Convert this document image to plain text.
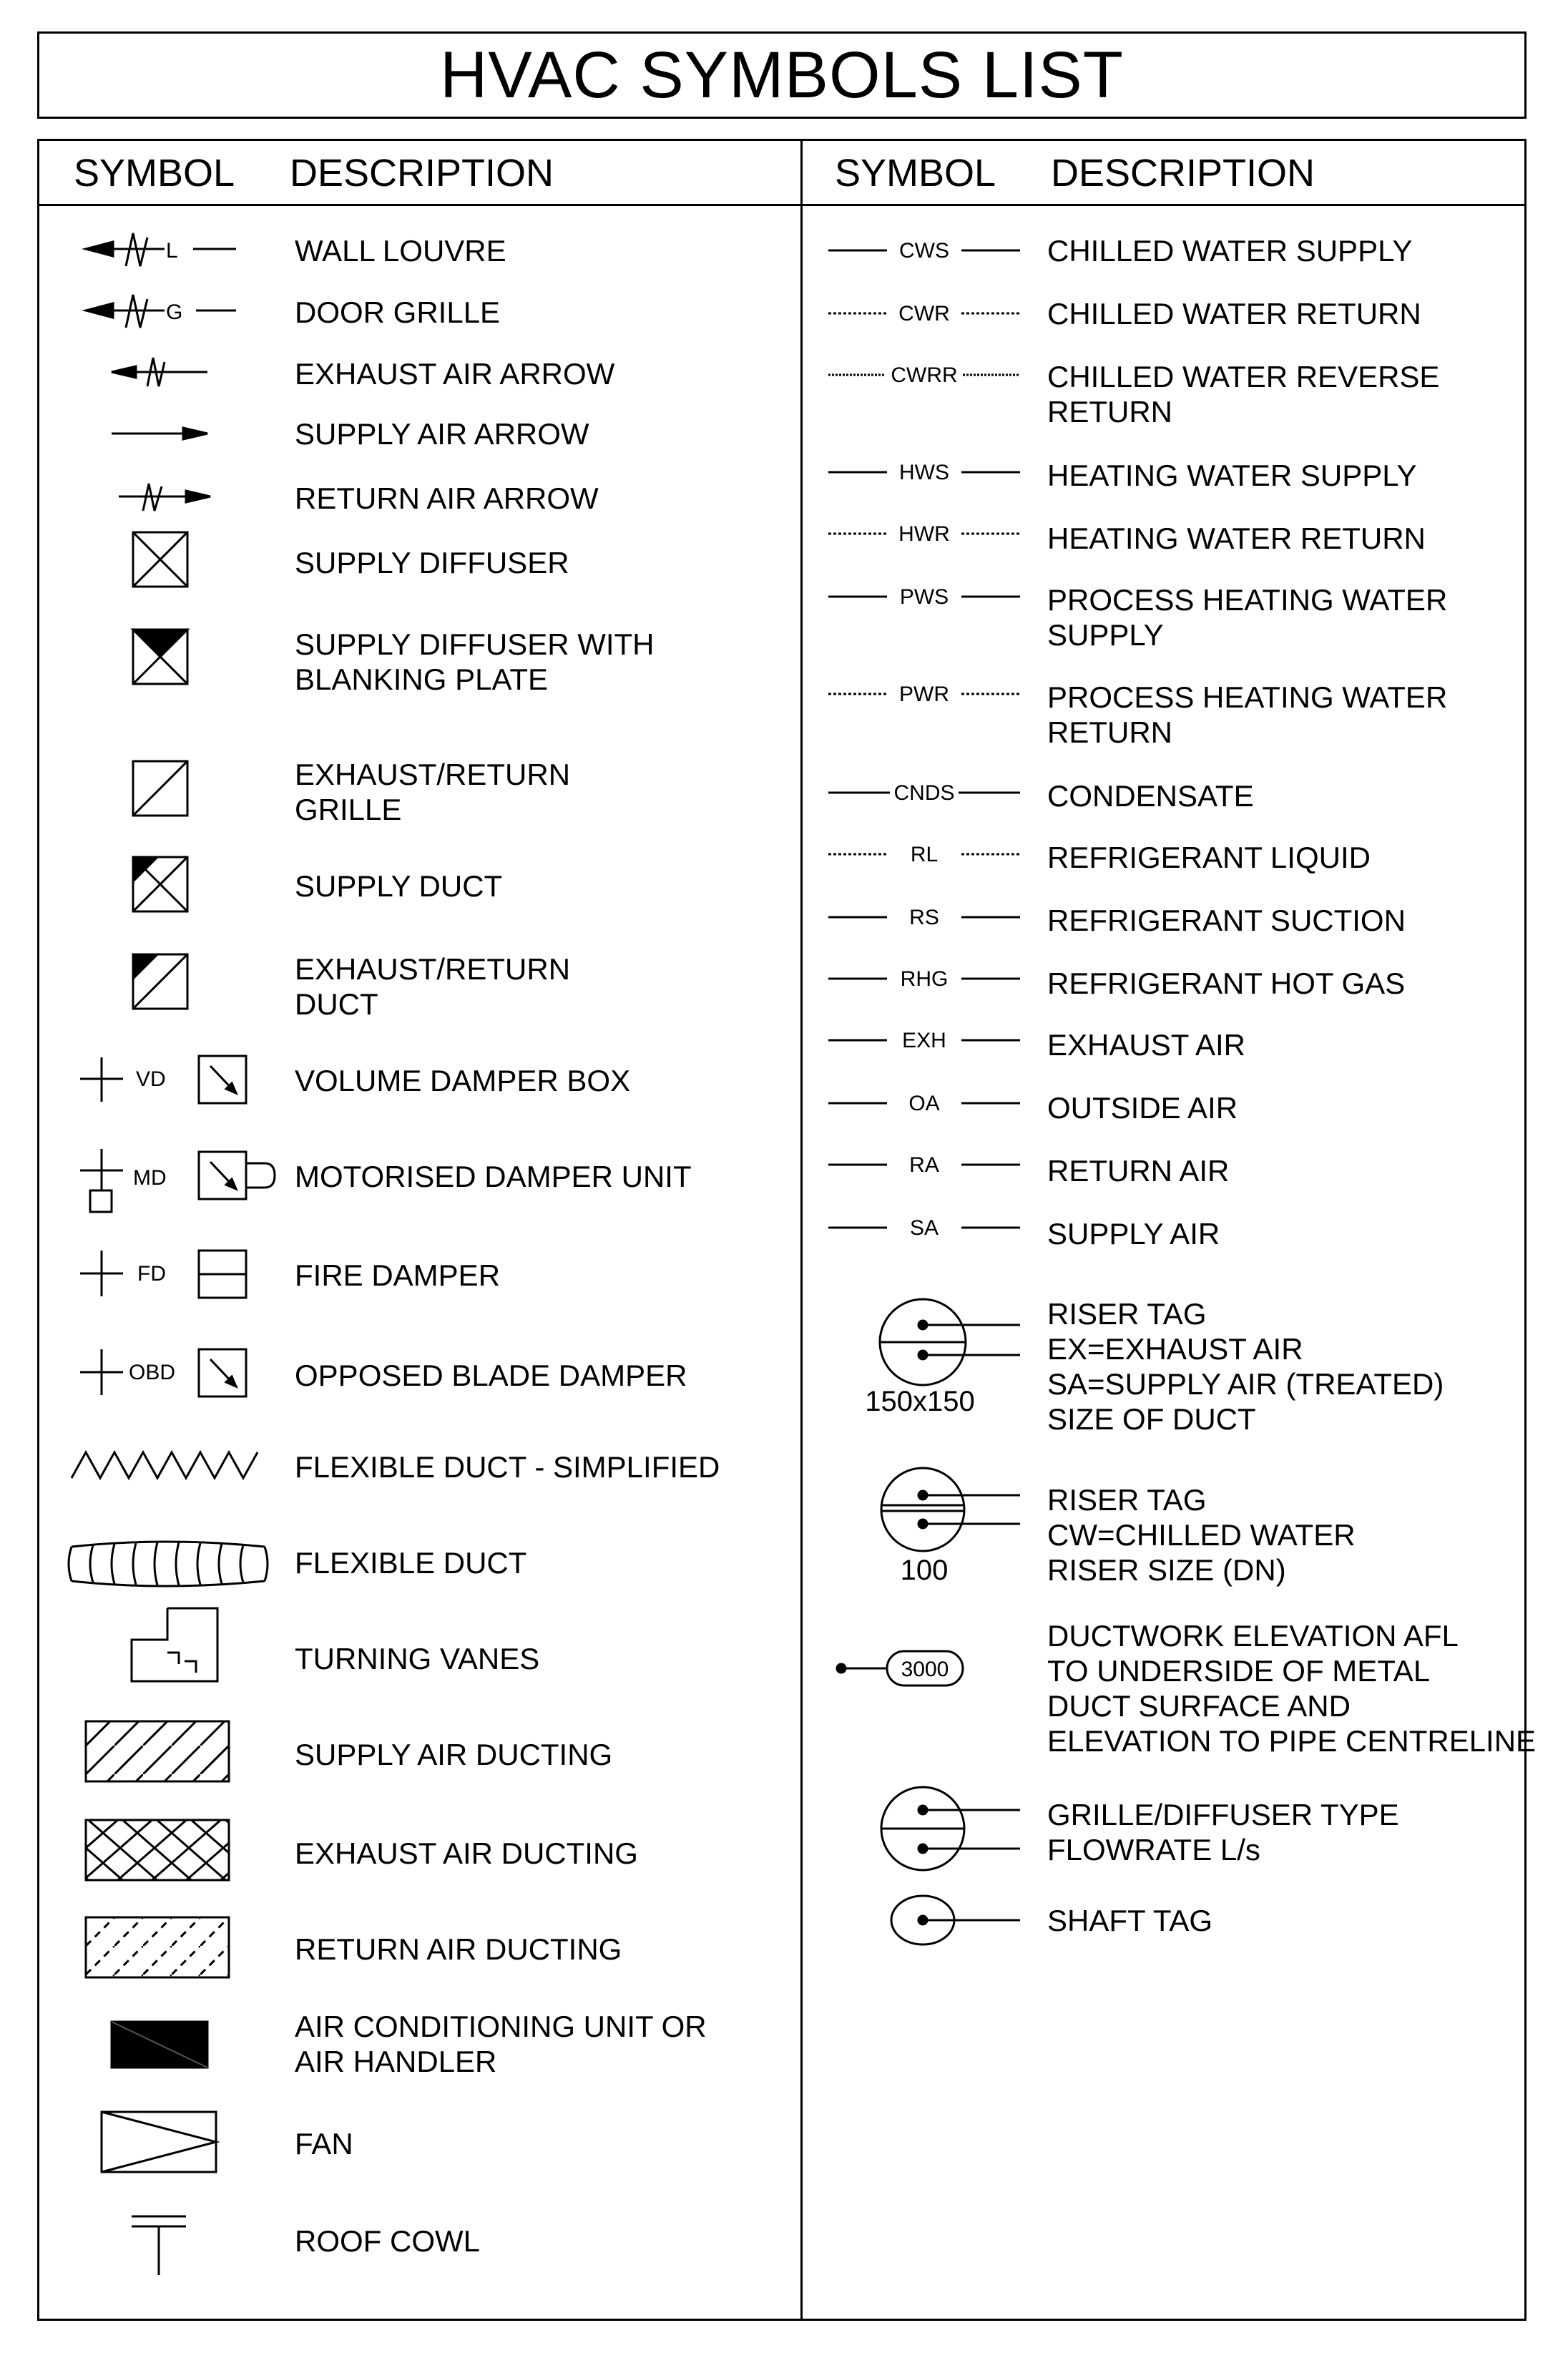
HVAC SYMBOLS LIST
SYMBOL DESCRIPTION	SYMBOL DESCRIPTION
WALL LOUVRE
DOOR GRILLE
EXHAUST AIR ARROW
SUPPLY AIR ARROW
RETURN AIR ARROW
SUPPLY DIFFUSER
SUPPLY DIFFUSER WITH
BLANKING PLATE
EXHAUST/RETURN
GRILLE
SUPPLY DUCT
EXHAUST/RETURN
DUCT
VOLUME DAMPER BOX
MOTORISED DAMPER UNIT
FIRE DAMPER
OPPOSED BLADE DAMPER
FLEXIBLE DUCT - SIMPLIFIED
FLEXIBLE DUCT
TURNING VANES
SUPPLY AIR DUCTING
EXHAUST AIR DUCTING
RETURN AIR DUCTING
AIR CONDITIONING UNIT OR
AIR HANDLER
FAN
ROOF COWL
CHILLED WATER SUPPLY
CHILLED WATER RETURN
CHILLED WATER REVERSE
RETURN
HEATING WATER SUPPLY
HEATING WATER RETURN
PROCESS HEATING WATER
SUPPLY
PROCESS HEATING WATER
RETURN
CONDENSATE
REFRIGERANT LIQUID
REFRIGERANT SUCTION
REFRIGERANT HOT GAS
EXHAUST AIR
OUTSIDE AIR
RETURN AIR
SUPPLY AIR
RISER TAG
EX=EXHAUST AIR
SA=SUPPLY AIR (TREATED)
SIZE OF DUCT
RISER TAG
CW=CHILLED WATER
RISER SIZE (DN)
DUCTWORK ELEVATION AFL
TO UNDERSIDE OF METAL
DUCT SURFACE AND
ELEVATION TO PIPE CENTRELINE
GRILLE/DIFFUSER TYPE
FLOWRATE L/s
SHAFT TAG
L
G
VD
MD
FD
OBD
CWS
CWR
CWRR
HWS
HWR
PWS
PWR
CNDS
RL
RS
RHG
EXH
OA
RA
SA
150x150
100
3000
